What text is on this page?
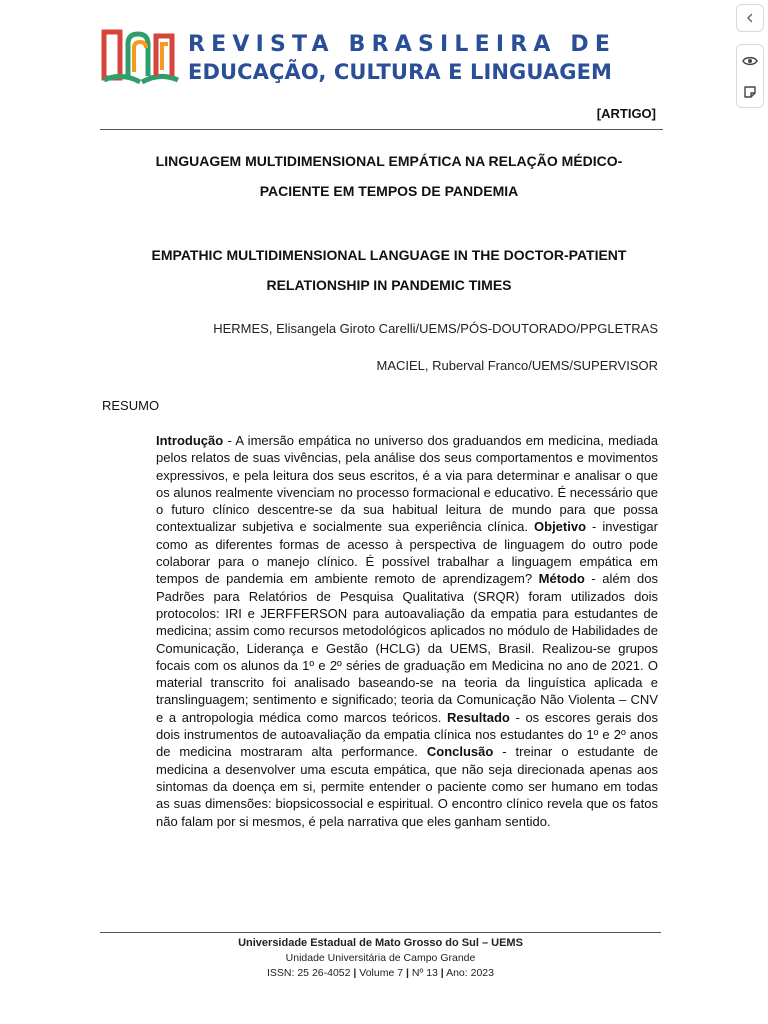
REVISTA BRASILEIRA DE
EDUCAÇÃO, CULTURA E LINGUAGEM
[ARTIGO]
LINGUAGEM MULTIDIMENSIONAL EMPÁTICA NA RELAÇÃO MÉDICO-
PACIENTE EM TEMPOS DE PANDEMIA
EMPATHIC MULTIDIMENSIONAL LANGUAGE IN THE DOCTOR-PATIENT
RELATIONSHIP IN PANDEMIC TIMES
HERMES, Elisangela Giroto Carelli/UEMS/PÓS-DOUTORADO/PPGLETRAS
MACIEL, Ruberval Franco/UEMS/SUPERVISOR
RESUMO
Introdução - A imersão empática no universo dos graduandos em medicina, mediada pelos relatos de suas vivências, pela análise dos seus comportamentos e movimentos expressivos, e pela leitura dos seus escritos, é a via para determinar e analisar o que os alunos realmente vivenciam no processo formacional e educativo. É necessário que o futuro clínico descentre-se da sua habitual leitura de mundo para que possa contextualizar subjetiva e socialmente sua experiência clínica. Objetivo - investigar como as diferentes formas de acesso à perspectiva de linguagem do outro pode colaborar para o manejo clínico. É possível trabalhar a linguagem empática em tempos de pandemia em ambiente remoto de aprendizagem? Método - além dos Padrões para Relatórios de Pesquisa Qualitativa (SRQR) foram utilizados dois protocolos: IRI e JERFFERSON para autoavaliação da empatia para estudantes de medicina; assim como recursos metodológicos aplicados no módulo de Habilidades de Comunicação, Liderança e Gestão (HCLG) da UEMS, Brasil. Realizou-se grupos focais com os alunos da 1º e 2º séries de graduação em Medicina no ano de 2021. O material transcrito foi analisado baseando-se na teoria da linguística aplicada e translinguagem; sentimento e significado; teoria da Comunicação Não Violenta – CNV e a antropologia médica como marcos teóricos. Resultado - os escores gerais dos dois instrumentos de autoavaliação da empatia clínica nos estudantes do 1º e 2º anos de medicina mostraram alta performance. Conclusão - treinar o estudante de medicina a desenvolver uma escuta empática, que não seja direcionada apenas aos sintomas da doença em si, permite entender o paciente como ser humano em todas as suas dimensões: biopsicossocial e espiritual. O encontro clínico revela que os fatos não falam por si mesmos, é pela narrativa que eles ganham sentido.
Universidade Estadual de Mato Grosso do Sul – UEMS
Unidade Universitária de Campo Grande
ISSN: 25 26-4052 | Volume 7 | Nº 13 | Ano: 2023
